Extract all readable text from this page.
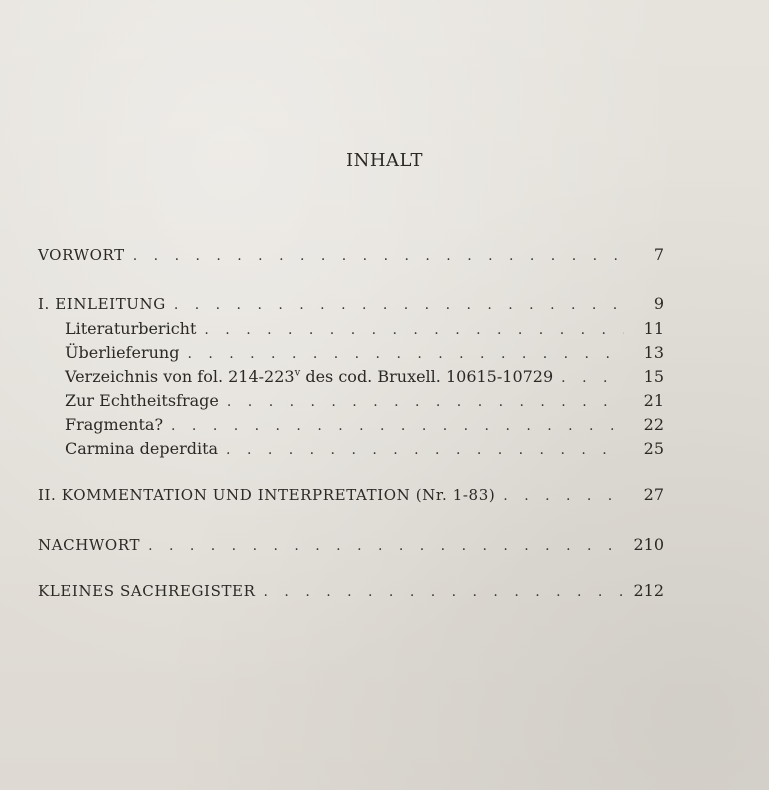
INHALT
VORWORT . . .	7
I. EINLEITUNG . . .	9
Literaturbericht . . .	11
Überlieferung . . .	13
Verzeichnis von fol. 214-223$^v$ des cod. Bruxell. 10615-10729 . . .	15
Zur Echtheitsfrage . . .	21
Fragmenta? . . .	22
Carmina deperdita . . .	25
II. KOMMENTATION UND INTERPRETATION (Nr. 1-83) . . .	27
NACHWORT . . .	210
KLEINES SACHREGISTER . . .	212
